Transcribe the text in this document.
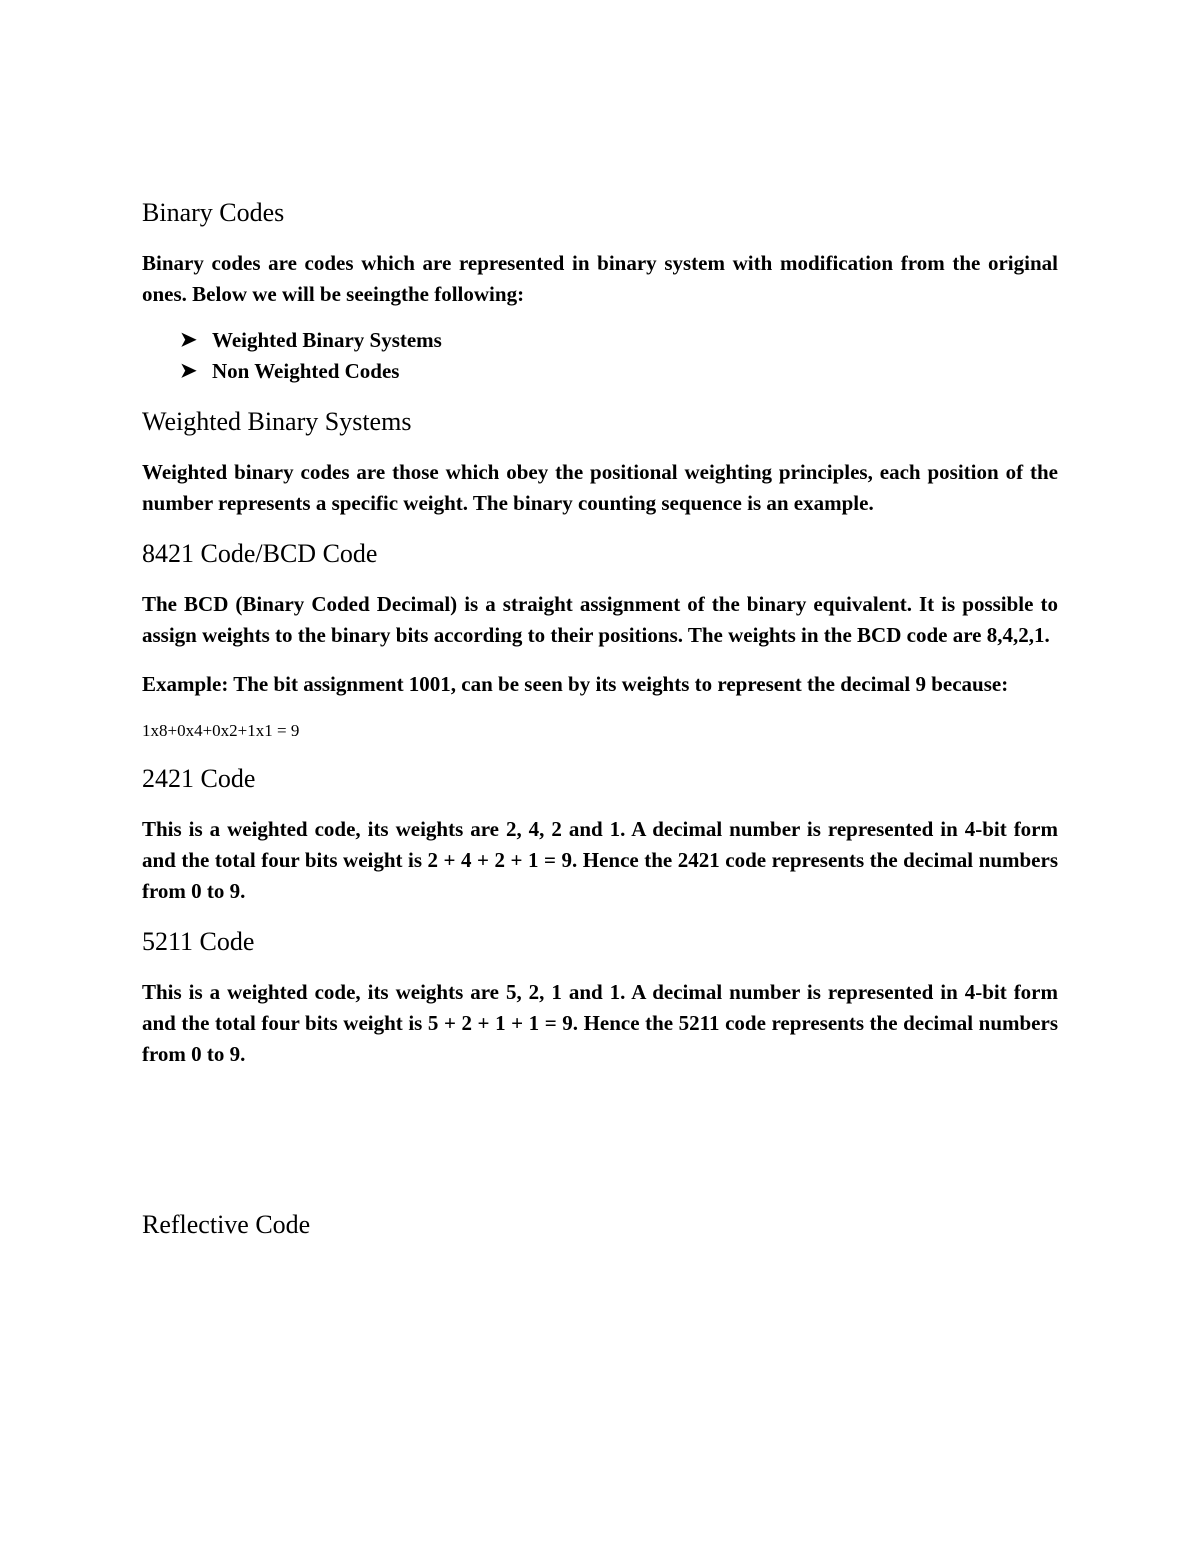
Binary Codes

Binary codes are codes which are represented in binary system with modification from the original ones. Below we will be seeingthe following:

➤ Weighted Binary Systems
➤ Non Weighted Codes
Weighted Binary Systems

Weighted binary codes are those which obey the positional weighting principles, each position of the number represents a specific weight. The binary counting sequence is an example.

8421 Code/BCD Code

The BCD (Binary Coded Decimal) is a straight assignment of the binary equivalent. It is possible to assign weights to the binary bits according to their positions. The weights in the BCD code are 8,4,2,1.

Example: The bit assignment 1001, can be seen by its weights to represent the decimal 9 because:

1x8+0x4+0x2+1x1 = 9

2421 Code

This is a weighted code, its weights are 2, 4, 2 and 1. A decimal number is represented in 4-bit form and the total four bits weight is 2 + 4 + 2 + 1 = 9. Hence the 2421 code represents the decimal numbers from 0 to 9.

5211 Code

This is a weighted code, its weights are 5, 2, 1 and 1. A decimal number is represented in 4-bit form and the total four bits weight is 5 + 2 + 1 + 1 = 9. Hence the 5211 code represents the decimal numbers from 0 to 9.

Reflective Code
